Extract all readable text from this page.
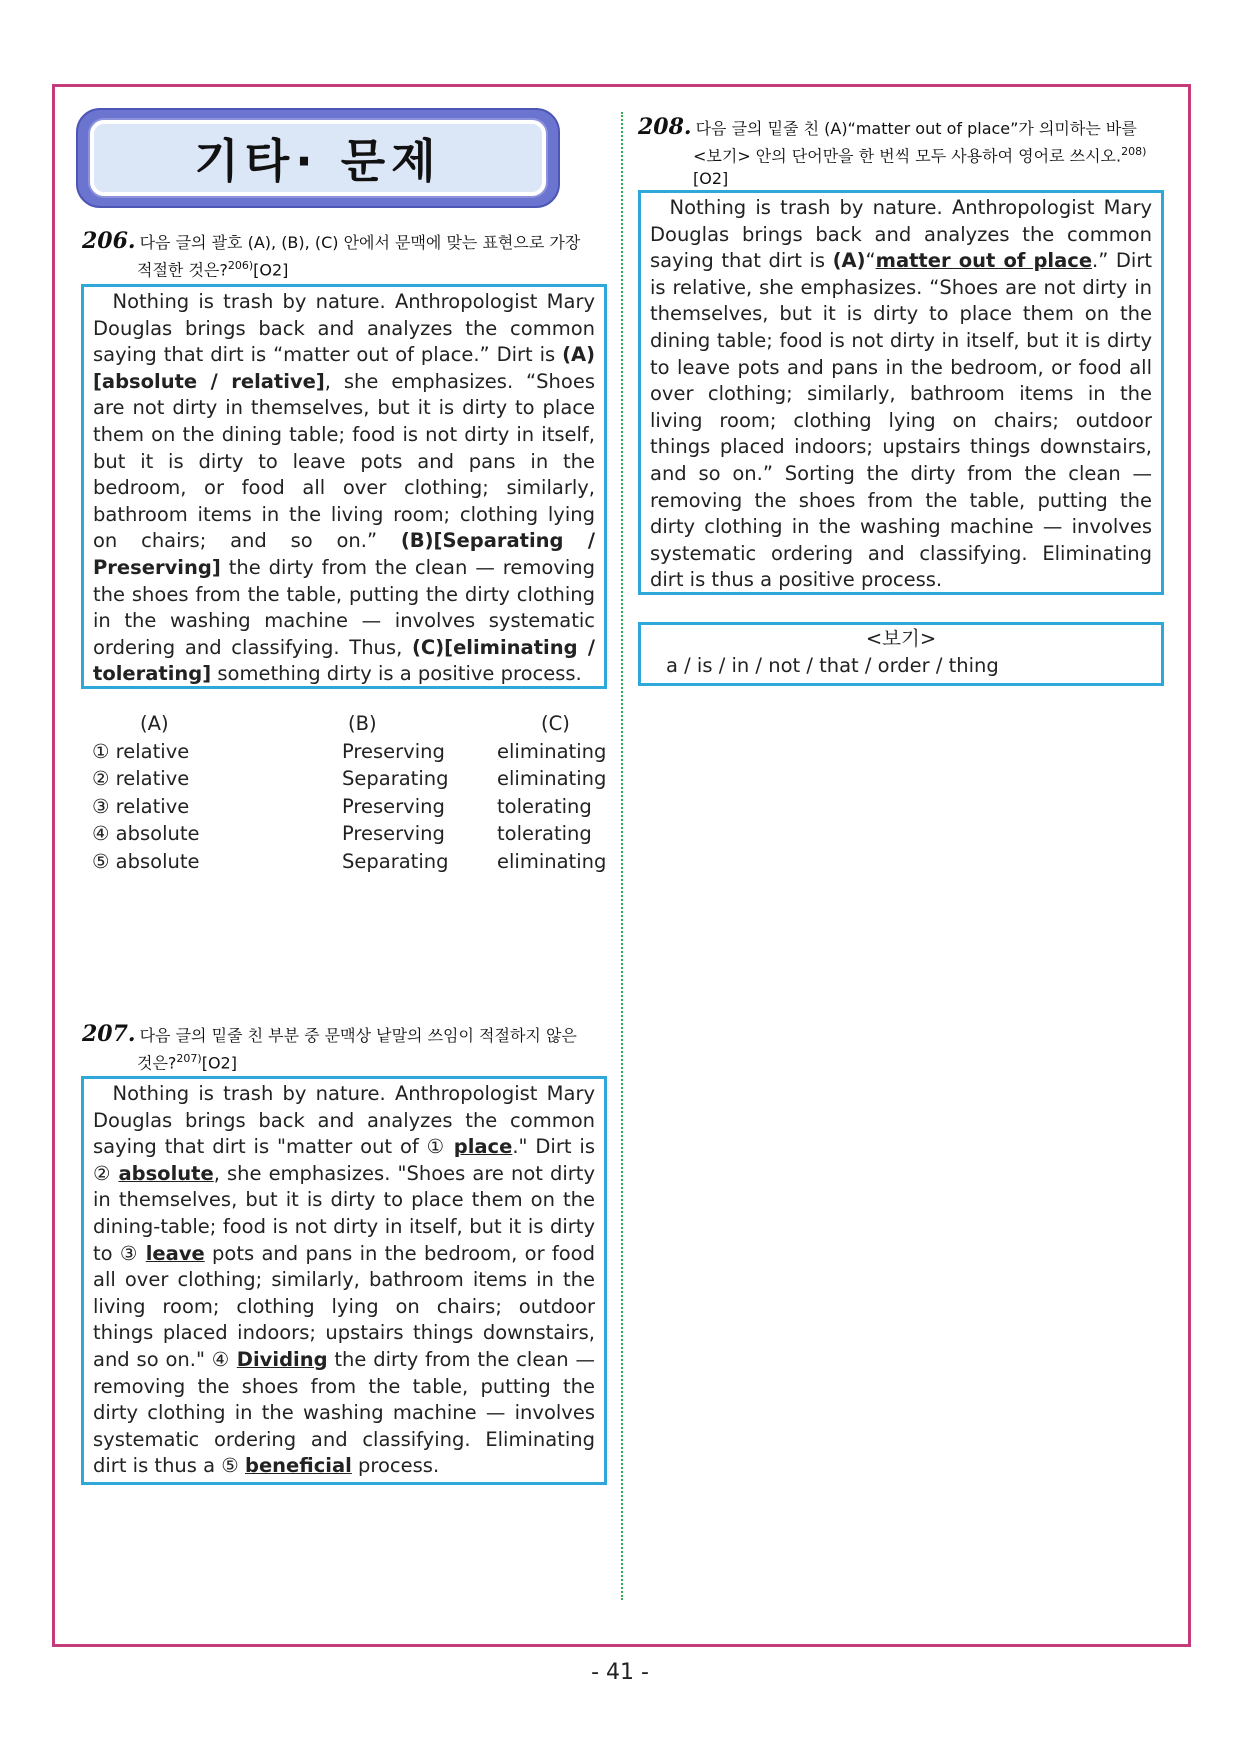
기타· 문제
206. 다음 글의 괄호 (A), (B), (C) 안에서 문맥에 맞는 표현으로 가장
적절한 것은?$^{206)}$[O2]

Nothing is trash by nature. Anthropologist Mary Douglas brings back and analyzes the common saying that dirt is “matter out of place.” Dirt is (A)[absolute / relative], she emphasizes. “Shoes are not dirty in themselves, but it is dirty to place them on the dining table; food is not dirty in itself, but it is dirty to leave pots and pans in the bedroom, or food all over clothing; similarly, bathroom items in the living room; clothing lying on chairs; and so on.” (B)[Separating / Preserving] the dirty from the clean — removing the shoes from the table, putting the dirty clothing in the washing machine — involves systematic ordering and classifying. Thus, (C)[eliminating / tolerating] something dirty is a positive process.

(A)	(B)	(C)
① relative	Preserving	eliminating
② relative	Separating	eliminating
③ relative	Preserving	tolerating
④ absolute	Preserving	tolerating
⑤ absolute	Separating	eliminating
207. 다음 글의 밑줄 친 부분 중 문맥상 낱말의 쓰임이 적절하지 않은
것은?$^{207)}$[O2]

Nothing is trash by nature. Anthropologist Mary Douglas brings back and analyzes the common saying that dirt is "matter out of ① place." Dirt is ② absolute, she emphasizes. "Shoes are not dirty in themselves, but it is dirty to place them on the dining-table; food is not dirty in itself, but it is dirty to ③ leave pots and pans in the bedroom, or food all over clothing; similarly, bathroom items in the living room; clothing lying on chairs; outdoor things placed indoors; upstairs things downstairs, and so on." ④ Dividing the dirty from the clean — removing the shoes from the table, putting the dirty clothing in the washing machine — involves systematic ordering and classifying. Eliminating dirt is thus a ⑤ beneficial process.

208. 다음 글의 밑줄 친 (A)“matter out of place”가 의미하는 바를
<보기> 안의 단어만을 한 번씩 모두 사용하여 영어로 쓰시오.$^{208)}$
[O2]

Nothing is trash by nature. Anthropologist Mary Douglas brings back and analyzes the common saying that dirt is (A)“matter out of place.” Dirt is relative, she emphasizes. “Shoes are not dirty in themselves, but it is dirty to place them on the dining table; food is not dirty in itself, but it is dirty to leave pots and pans in the bedroom, or food all over clothing; similarly, bathroom items in the living room; clothing lying on chairs; outdoor things placed indoors; upstairs things downstairs, and so on.” Sorting the dirty from the clean — removing the shoes from the table, putting the dirty clothing in the washing machine — involves systematic ordering and classifying. Eliminating dirt is thus a positive process.

<보기>
a / is / in / not / that / order / thing
- 41 -
